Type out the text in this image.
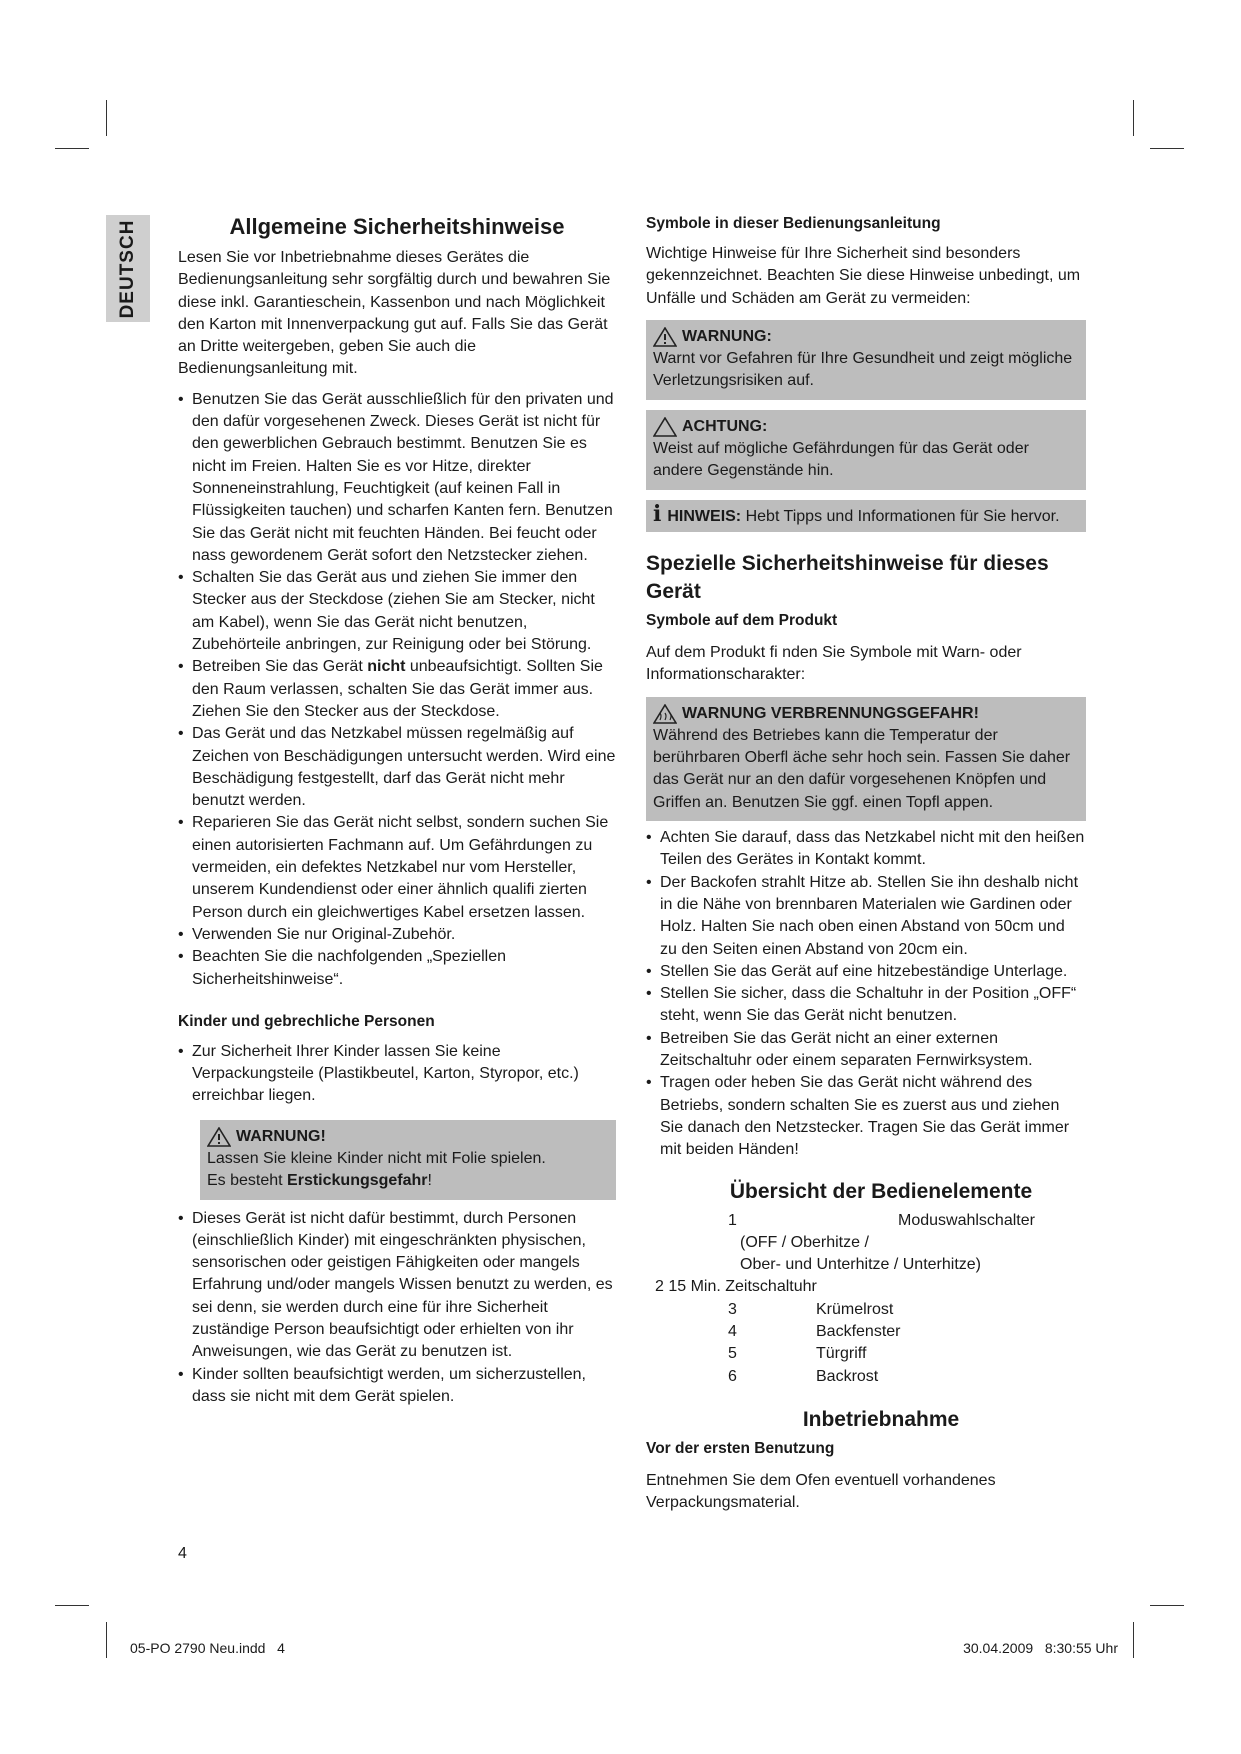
DEUTSCH	Allgemeine Sicherheitshinweise

Lesen Sie vor Inbetriebnahme dieses Gerätes die Bedienungsanleitung sehr sorgfältig durch und bewahren Sie diese inkl. Garantieschein, Kassenbon und nach Möglichkeit den Karton mit Innenverpackung gut auf. Falls Sie das Gerät an Dritte weitergeben, geben Sie auch die Bedienungsanleitung mit.

• Benutzen Sie das Gerät ausschließlich für den privaten und den dafür vorgesehenen Zweck. Dieses Gerät ist nicht für den gewerblichen Gebrauch bestimmt. Benutzen Sie es nicht im Freien. Halten Sie es vor Hitze, direkter Sonneneinstrahlung, Feuchtigkeit (auf keinen Fall in Flüssigkeiten tauchen) und scharfen Kanten fern. Benutzen Sie das Gerät nicht mit feuchten Händen. Bei feucht oder nass gewordenem Gerät sofort den Netzstecker ziehen.
• Schalten Sie das Gerät aus und ziehen Sie immer den Stecker aus der Steckdose (ziehen Sie am Stecker, nicht am Kabel), wenn Sie das Gerät nicht benutzen, Zubehörteile anbringen, zur Reinigung oder bei Störung.
• Betreiben Sie das Gerät nicht unbeaufsichtigt. Sollten Sie den Raum verlassen, schalten Sie das Gerät immer aus. Ziehen Sie den Stecker aus der Steckdose.
• Das Gerät und das Netzkabel müssen regelmäßig auf Zeichen von Beschädigungen untersucht werden. Wird eine Beschädigung festgestellt, darf das Gerät nicht mehr benutzt werden.
• Reparieren Sie das Gerät nicht selbst, sondern suchen Sie einen autorisierten Fachmann auf. Um Gefährdungen zu vermeiden, ein defektes Netzkabel nur vom Hersteller, unserem Kundendienst oder einer ähnlich qualifi zierten Person durch ein gleichwertiges Kabel ersetzen lassen.
• Verwenden Sie nur Original-Zubehör.
• Beachten Sie die nachfolgenden „Speziellen Sicherheitshinweise“.
Kinder und gebrechliche Personen
• Zur Sicherheit Ihrer Kinder lassen Sie keine Verpackungsteile (Plastikbeutel, Karton, Styropor, etc.) erreichbar liegen.
WARNUNG!
Lassen Sie kleine Kinder nicht mit Folie spielen.
Es besteht Erstickungsgefahr!
• Dieses Gerät ist nicht dafür bestimmt, durch Personen (einschließlich Kinder) mit eingeschränkten physischen, sensorischen oder geistigen Fähigkeiten oder mangels Erfahrung und/oder mangels Wissen benutzt zu werden, es sei denn, sie werden durch eine für ihre Sicherheit zuständige Person beaufsichtigt oder erhielten von ihr Anweisungen, wie das Gerät zu benutzen ist.
• Kinder sollten beaufsichtigt werden, um sicherzustellen, dass sie nicht mit dem Gerät spielen.
4
Symbole in dieser Bedienungsanleitung

Wichtige Hinweise für Ihre Sicherheit sind besonders gekennzeichnet. Beachten Sie diese Hinweise unbedingt, um Unfälle und Schäden am Gerät zu vermeiden:

WARNUNG:
Warnt vor Gefahren für Ihre Gesundheit und zeigt mögliche Verletzungsrisiken auf.
ACHTUNG:
Weist auf mögliche Gefährdungen für das Gerät oder andere Gegenstände hin.
i HINWEIS: Hebt Tipps und Informationen für Sie hervor.
Spezielle Sicherheitshinweise für dieses Gerät
Symbole auf dem Produkt

Auf dem Produkt fi nden Sie Symbole mit Warn- oder Informationscharakter:

WARNUNG VERBRENNUNGSGEFAHR!
Während des Betriebes kann die Temperatur der berührbaren Oberfl äche sehr hoch sein. Fassen Sie daher das Gerät nur an den dafür vorgesehenen Knöpfen und Griffen an. Benutzen Sie ggf. einen Topfl appen.
• Achten Sie darauf, dass das Netzkabel nicht mit den heißen Teilen des Gerätes in Kontakt kommt.
• Der Backofen strahlt Hitze ab. Stellen Sie ihn deshalb nicht in die Nähe von brennbaren Materialen wie Gardinen oder Holz. Halten Sie nach oben einen Abstand von 50cm und zu den Seiten einen Abstand von 20cm ein.
• Stellen Sie das Gerät auf eine hitzebeständige Unterlage.
• Stellen Sie sicher, dass die Schaltuhr in der Position „OFF“ steht, wenn Sie das Gerät nicht benutzen.
• Betreiben Sie das Gerät nicht an einer externen Zeitschaltuhr oder einem separaten Fernwirksystem.
• Tragen oder heben Sie das Gerät nicht während des Betriebs, sondern schalten Sie es zuerst aus und ziehen Sie danach den Netzstecker. Tragen Sie das Gerät immer mit beiden Händen!
Übersicht der Bedienelemente
1	Moduswahlschalter
(OFF / Oberhitze /
Ober- und Unterhitze / Unterhitze)
2 15 Min. Zeitschaltuhr
3	Krümelrost
4	Backfenster
5	Türgriff
6	Backrost
Inbetriebnahme
Vor der ersten Benutzung

Entnehmen Sie dem Ofen eventuell vorhandenes Verpackungsmaterial.

05-PO 2790 Neu.indd   4	30.04.2009   8:30:55 Uhr
